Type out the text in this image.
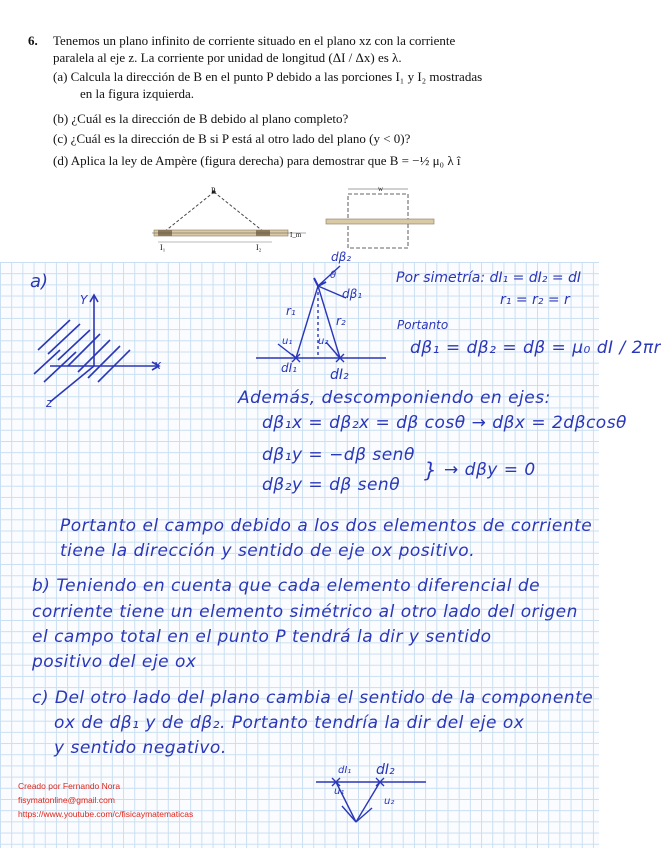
6. Tenemos un plano infinito de corriente situado en el plano xz con la corriente
paralela al eje z. La corriente por unidad de longitud (ΔI / Δx) es λ.
(a) Calcula la dirección de B en el punto P debido a las porciones I₁ y I₂ mostradas
en la figura izquierda.
(b) ¿Cuál es la dirección de B debido al plano completo?
(c) ¿Cuál es la dirección de B si P está al otro lado del plano (y < 0)?
(d) Aplica la ley de Ampère (figura derecha) para demostrar que B = −½ μ₀ λ î
P
I₁	I₂
I_m
w
a)
Y
x
z
dβ₂
dβ₁
θ
r₁
r₂
u₁	u₂
dI₁ dI₂
Por simetría: dI₁ = dI₂ = dI
r₁ = r₂ = r
Portanto
dβ₁ = dβ₂ = dβ = μ₀ dI / 2πr
Además, descomponiendo en ejes:
dβ₁x = dβ₂x = dβ cosθ → dβx = 2dβcosθ
dβ₁y = −dβ senθ
dβ₂y = dβ senθ
} → dβy = 0
Portanto el campo debido a los dos elementos de corriente
tiene la dirección y sentido de eje ox positivo.
b) Teniendo en cuenta que cada elemento diferencial de
corriente tiene un elemento simétrico al otro lado del origen
el campo total en el punto P tendrá la dir y sentido
positivo del eje ox
c) Del otro lado del plano cambia el sentido de la componente
ox de dβ₁ y de dβ₂. Portanto tendría la dir del eje ox
y sentido negativo.
dI₁ dI₂
u₁
u₂
Creado por Fernando Nora
fisymatonline@gmail.com
https://www.youtube.com/c/fisicaymatematicas
